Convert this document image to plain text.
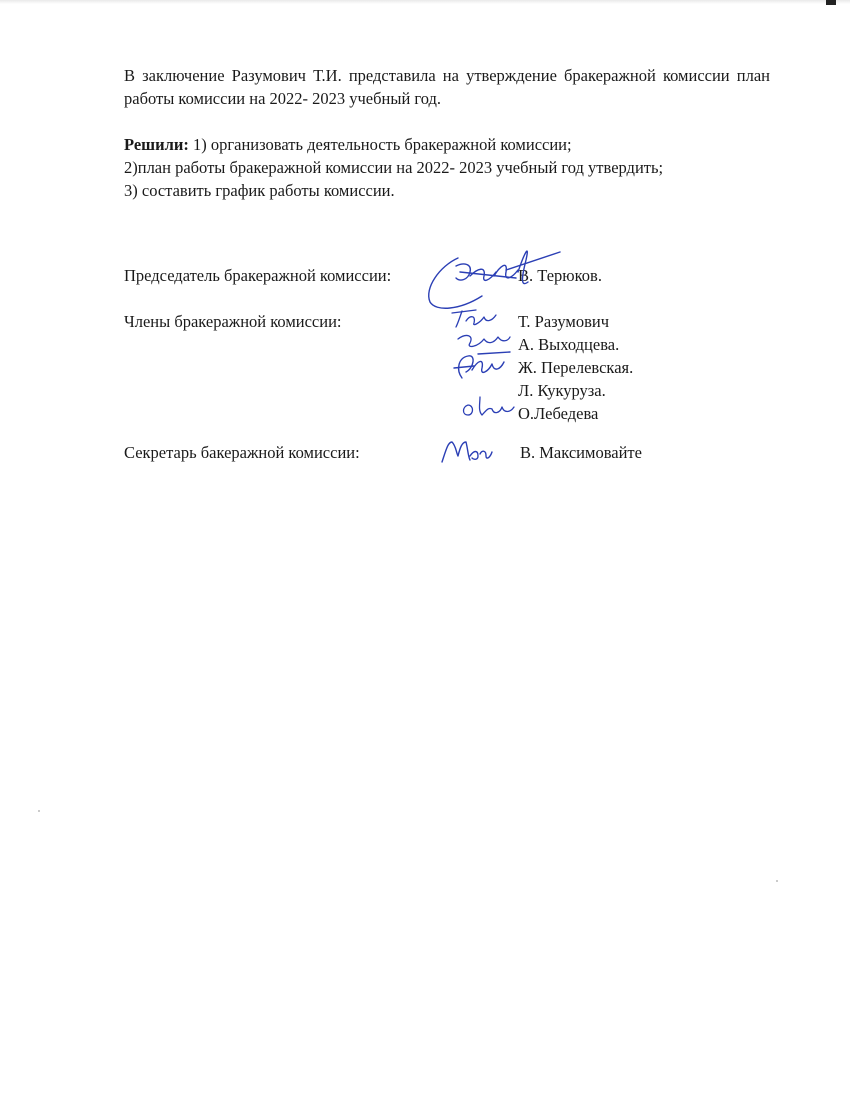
В заключение Разумович Т.И. представила на утверждение бракеражной комиссии план работы комиссии на 2022- 2023 учебный год.

Решили: 1) организовать деятельность бракеражной комиссии;
2)план работы бракеражной комиссии на 2022- 2023 учебный год утвердить;
3) составить график работы комиссии.

Председатель бракеражной комиссии:	В. Терюков.
Члены бракеражной комиссии:	Т. Разумович
А. Выходцева.
Ж. Перелевская.
Л. Кукуруза.
О.Лебедева
Секретарь бакеражной комиссии:	В. Максимовайте
